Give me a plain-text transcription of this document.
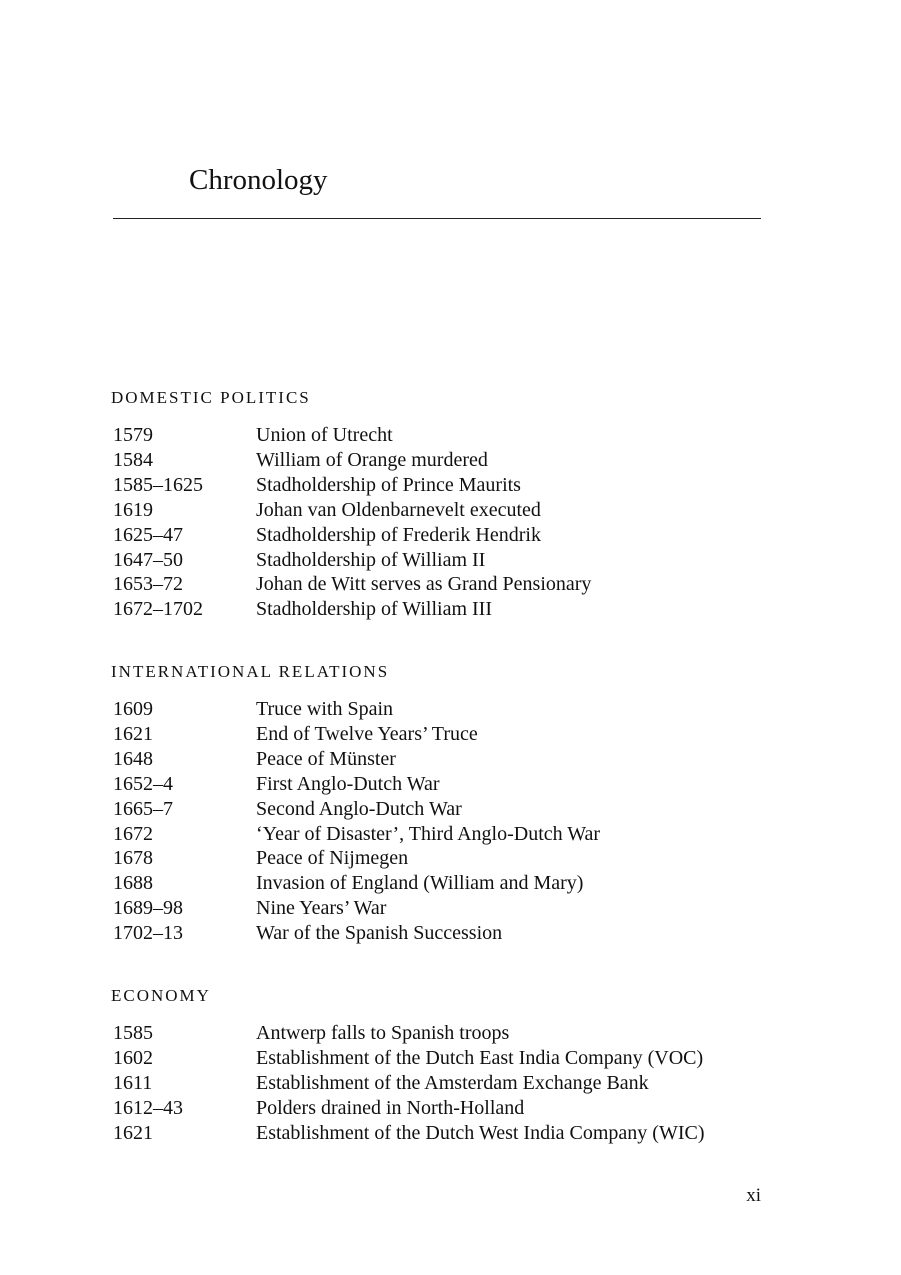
Chronology
DOMESTIC POLITICS
1579	Union of Utrecht
1584	William of Orange murdered
1585–1625	Stadholdership of Prince Maurits
1619	Johan van Oldenbarnevelt executed
1625–47	Stadholdership of Frederik Hendrik
1647–50	Stadholdership of William II
1653–72	Johan de Witt serves as Grand Pensionary
1672–1702	Stadholdership of William III
INTERNATIONAL RELATIONS
1609	Truce with Spain
1621	End of Twelve Years’ Truce
1648	Peace of Münster
1652–4	First Anglo-Dutch War
1665–7	Second Anglo-Dutch War
1672	‘Year of Disaster’, Third Anglo-Dutch War
1678	Peace of Nijmegen
1688	Invasion of England (William and Mary)
1689–98	Nine Years’ War
1702–13	War of the Spanish Succession
ECONOMY
1585	Antwerp falls to Spanish troops
1602	Establishment of the Dutch East India Company (VOC)
1611	Establishment of the Amsterdam Exchange Bank
1612–43	Polders drained in North-Holland
1621	Establishment of the Dutch West India Company (WIC)
xi
